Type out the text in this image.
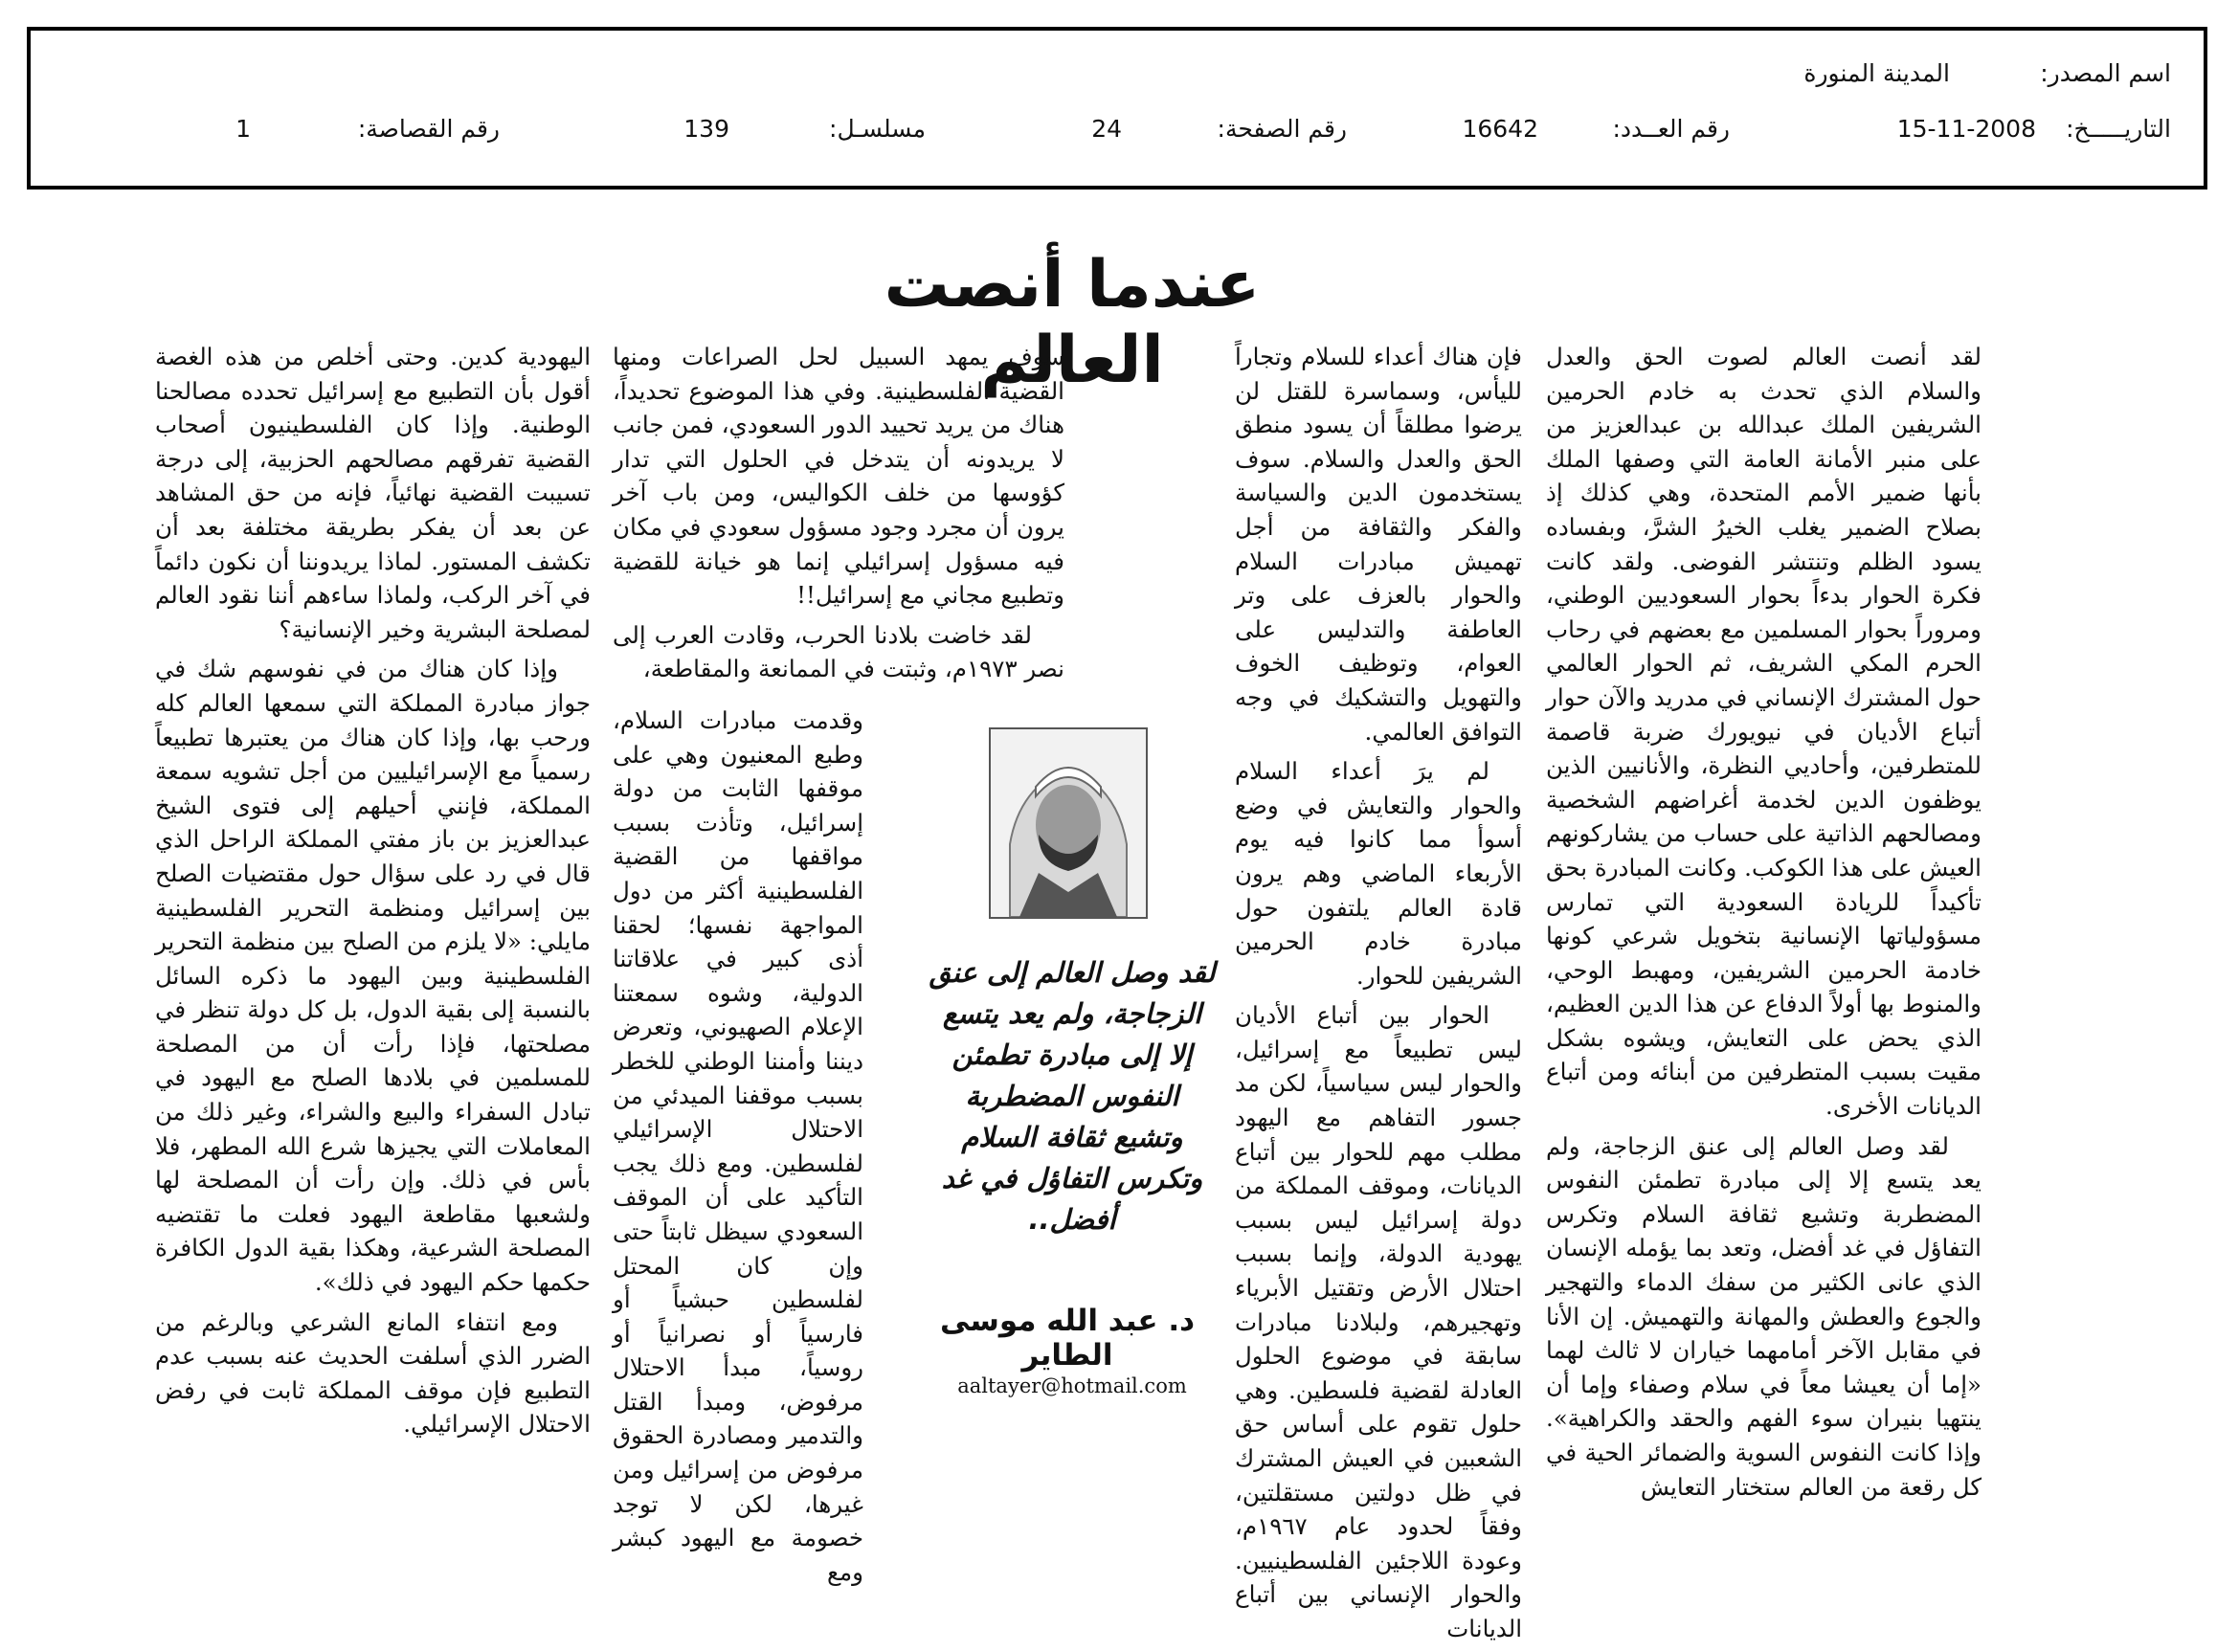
اسم المصدر:
المدينة المنورة
التاريـــــخ:
15-11-2008
رقم العــدد:
16642
رقم الصفحة:
24
مسلسـل:
139
رقم القصاصة:
1
عندما أنصت العالم	لقد أنصت العالم لصوت الحق والعدل والسلام الذي تحدث به خادم الحرمين الشريفين الملك عبدالله بن عبدالعزيز من على منبر الأمانة العامة التي وصفها الملك بأنها ضمير الأمم المتحدة، وهي كذلك إذ بصلاح الضمير يغلب الخيرُ الشرَّ، وبفساده يسود الظلم وتنتشر الفوضى. ولقد كانت فكرة الحوار بدءاً بحوار السعوديين الوطني، ومروراً بحوار المسلمين مع بعضهم في رحاب الحرم المكي الشريف، ثم الحوار العالمي حول المشترك الإنساني في مدريد والآن حوار أتباع الأديان في نيويورك ضربة قاصمة للمتطرفين، وأحاديي النظرة، والأنانيين الذين يوظفون الدين لخدمة أغراضهم الشخصية ومصالحهم الذاتية على حساب من يشاركونهم العيش على هذا الكوكب. وكانت المبادرة بحق تأكيداً للريادة السعودية التي تمارس مسؤولياتها الإنسانية بتخويل شرعي كونها خادمة الحرمين الشريفين، ومهبط الوحي، والمنوط بها أولاً الدفاع عن هذا الدين العظيم، الذي يحض على التعايش، ويشوه بشكل مقيت بسبب المتطرفين من أبنائه ومن أتباع الديانات الأخرى.

لقد وصل العالم إلى عنق الزجاجة، ولم يعد يتسع إلا إلى مبادرة تطمئن النفوس المضطربة وتشيع ثقافة السلام وتكرس التفاؤل في غد أفضل، وتعد بما يؤمله الإنسان الذي عانى الكثير من سفك الدماء والتهجير والجوع والعطش والمهانة والتهميش. إن الأنا في مقابل الآخر أمامهما خياران لا ثالث لهما «إما أن يعيشا معاً في سلام وصفاء وإما أن ينتهيا بنيران سوء الفهم والحقد والكراهية». وإذا كانت النفوس السوية والضمائر الحية في كل رقعة من العالم ستختار التعايش

فإن هناك أعداء للسلام وتجاراً لليأس، وسماسرة للقتل لن يرضوا مطلقاً أن يسود منطق الحق والعدل والسلام. سوف يستخدمون الدين والسياسة والفكر والثقافة من أجل تهميش مبادرات السلام والحوار بالعزف على وتر العاطفة والتدليس على العوام، وتوظيف الخوف والتهويل والتشكيك في وجه التوافق العالمي.

لم يرَ أعداء السلام والحوار والتعايش في وضع أسوأ مما كانوا فيه يوم الأربعاء الماضي وهم يرون قادة العالم يلتفون حول مبادرة خادم الحرمين الشريفين للحوار.

الحوار بين أتباع الأديان ليس تطبيعاً مع إسرائيل، والحوار ليس سياسياً، لكن مد جسور التفاهم مع اليهود مطلب مهم للحوار بين أتباع الديانات، وموقف المملكة من دولة إسرائيل ليس بسبب يهودية الدولة، وإنما بسبب احتلال الأرض وتقتيل الأبرياء وتهجيرهم، ولبلادنا مبادرات سابقة في موضوع الحلول العادلة لقضية فلسطين. وهي حلول تقوم على أساس حق الشعبين في العيش المشترك في ظل دولتين مستقلتين، وفقاً لحدود عام ١٩٦٧م، وعودة اللاجئين الفلسطينيين. والحوار الإنساني بين أتباع الديانات

سوف يمهد السبيل لحل الصراعات ومنها القضية الفلسطينية. وفي هذا الموضوع تحديداً، هناك من يريد تحييد الدور السعودي، فمن جانب لا يريدونه أن يتدخل في الحلول التي تدار كؤوسها من خلف الكواليس، ومن باب آخر يرون أن مجرد وجود مسؤول سعودي في مكان فيه مسؤول إسرائيلي إنما هو خيانة للقضية وتطبيع مجاني مع إسرائيل!!

لقد خاضت بلادنا الحرب، وقادت العرب إلى نصر ١٩٧٣م، وثبتت في الممانعة والمقاطعة،

وقدمت مبادرات السلام، وطبع المعنيون وهي على موقفها الثابت من دولة إسرائيل، وتأذت بسبب مواقفها من القضية الفلسطينية أكثر من دول المواجهة نفسها؛ لحقنا أذى كبير في علاقاتنا الدولية، وشوه سمعتنا الإعلام الصهيوني، وتعرض ديننا وأمننا الوطني للخطر بسبب موقفنا الميدئي من الاحتلال الإسرائيلي لفلسطين. ومع ذلك يجب التأكيد على أن الموقف السعودي سيظل ثابتاً حتى وإن كان المحتل لفلسطين حبشياً أو فارسياً أو نصرانياً أو روسياً، مبدأ الاحتلال مرفوض، ومبدأ القتل والتدمير ومصادرة الحقوق مرفوض من إسرائيل ومن غيرها، لكن لا توجد خصومة مع اليهود كبشر ومع

لقد وصل العالم إلى عنق الزجاجة، ولم يعد يتسع إلا إلى مبادرة تطمئن النفوس المضطربة وتشيع ثقافة السلام وتكرس التفاؤل في غد أفضل..
د. عبد الله موسى الطاير
aaltayer@hotmail.com

اليهودية كدين. وحتى أخلص من هذه الغصة أقول بأن التطبيع مع إسرائيل تحدده مصالحنا الوطنية. وإذا كان الفلسطينيون أصحاب القضية تفرقهم مصالحهم الحزبية، إلى درجة تسيبت القضية نهائياً، فإنه من حق المشاهد عن بعد أن يفكر بطريقة مختلفة بعد أن تكشف المستور. لماذا يريدوننا أن نكون دائماً في آخر الركب، ولماذا ساءهم أننا نقود العالم لمصلحة البشرية وخير الإنسانية؟

وإذا كان هناك من في نفوسهم شك في جواز مبادرة المملكة التي سمعها العالم كله ورحب بها، وإذا كان هناك من يعتبرها تطبيعاً رسمياً مع الإسرائيليين من أجل تشويه سمعة المملكة، فإنني أحيلهم إلى فتوى الشيخ عبدالعزيز بن باز مفتي المملكة الراحل الذي قال في رد على سؤال حول مقتضيات الصلح بين إسرائيل ومنظمة التحرير الفلسطينية مايلي: «لا يلزم من الصلح بين منظمة التحرير الفلسطينية وبين اليهود ما ذكره السائل بالنسبة إلى بقية الدول، بل كل دولة تنظر في مصلحتها، فإذا رأت أن من المصلحة للمسلمين في بلادها الصلح مع اليهود في تبادل السفراء والبيع والشراء، وغير ذلك من المعاملات التي يجيزها شرع الله المطهر، فلا بأس في ذلك. وإن رأت أن المصلحة لها ولشعبها مقاطعة اليهود فعلت ما تقتضيه المصلحة الشرعية، وهكذا بقية الدول الكافرة حكمها حكم اليهود في ذلك».

ومع انتفاء المانع الشرعي وبالرغم من الضرر الذي أسلفت الحديث عنه بسبب عدم التطبيع فإن موقف المملكة ثابت في رفض الاحتلال الإسرائيلي.
